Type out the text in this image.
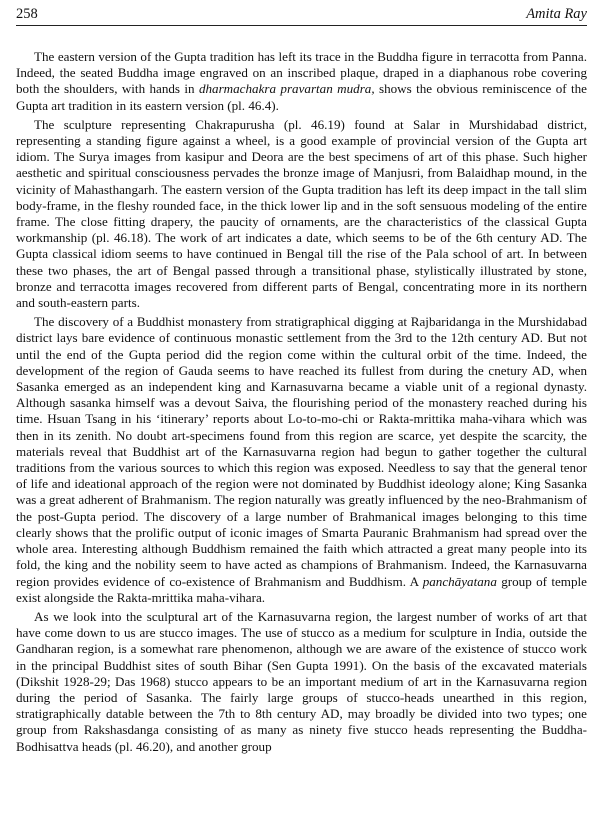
258	Amita Ray

The eastern version of the Gupta tradition has left its trace in the Buddha figure in terracotta from Panna. Indeed, the seated Buddha image engraved on an inscribed plaque, draped in a diaphanous robe covering both the shoulders, with hands in dharmachakra pravartan mudra, shows the obvious reminiscence of the Gupta art tradition in its eastern version (pl. 46.4).

The sculpture representing Chakrapurusha (pl. 46.19) found at Salar in Murshidabad district, representing a standing figure against a wheel, is a good example of provincial version of the Gupta art idiom. The Surya images from kasipur and Deora are the best specimens of art of this phase. Such higher aesthetic and spiritual consciousness pervades the bronze image of Manjusri, from Balaidhap mound, in the vicinity of Mahasthangarh. The eastern version of the Gupta tradition has left its deep impact in the tall slim body-frame, in the fleshy rounded face, in the thick lower lip and in the soft sensuous modeling of the entire frame. The close fitting drapery, the paucity of ornaments, are the characteristics of the classical Gupta workmanship (pl. 46.18). The work of art indicates a date, which seems to be of the 6th century AD. The Gupta classical idiom seems to have continued in Bengal till the rise of the Pala school of art. In between these two phases, the art of Bengal passed through a transitional phase, stylistically illustrated by stone, bronze and terracotta images recovered from different parts of Bengal, concentrating more in its northern and south-eastern parts.

The discovery of a Buddhist monastery from stratigraphical digging at Rajbaridanga in the Murshidabad district lays bare evidence of continuous monastic settlement from the 3rd to the 12th century AD. But not until the end of the Gupta period did the region come within the cultural orbit of the time. Indeed, the development of the region of Gauda seems to have reached its fullest from during the cnetury AD, when Sasanka emerged as an independent king and Karnasuvarna became a viable unit of a regional dynasty. Although sasanka himself was a devout Saiva, the flourishing period of the monastery reached during his time. Hsuan Tsang in his ‘itinerary’ reports about Lo-to-mo-chi or Rakta-mrittika maha-vihara which was then in its zenith. No doubt art-specimens found from this region are scarce, yet despite the scarcity, the materials reveal that Buddhist art of the Karnasuvarna region had begun to gather together the cultural traditions from the various sources to which this region was exposed. Needless to say that the general tenor of life and ideational approach of the region were not dominated by Buddhist ideology alone; King Sasanka was a great adherent of Brahmanism. The region naturally was greatly influenced by the neo-Brahmanism of the post-Gupta period. The discovery of a large number of Brahmanical images belonging to this time clearly shows that the prolific output of iconic images of Smarta Pauranic Brahmanism had spread over the whole area. Interesting although Buddhism remained the faith which attracted a great many people into its fold, the king and the nobility seem to have acted as champions of Brahmanism. Indeed, the Karnasuvarna region provides evidence of co-existence of Brahmanism and Buddhism. A panchāyatana group of temple exist alongside the Rakta-mrittika maha-vihara.

As we look into the sculptural art of the Karnasuvarna region, the largest number of works of art that have come down to us are stucco images. The use of stucco as a medium for sculpture in India, outside the Gandharan region, is a somewhat rare phenomenon, although we are aware of the existence of stucco work in the principal Buddhist sites of south Bihar (Sen Gupta 1991). On the basis of the excavated materials (Dikshit 1928-29; Das 1968) stucco appears to be an important medium of art in the Karnasuvarna region during the period of Sasanka. The fairly large groups of stucco-heads unearthed in this region, stratigraphically datable between the 7th to 8th century AD, may broadly be divided into two types; one group from Rakshasdanga consisting of as many as ninety five stucco heads representing the Buddha-Bodhisattva heads (pl. 46.20), and another group
